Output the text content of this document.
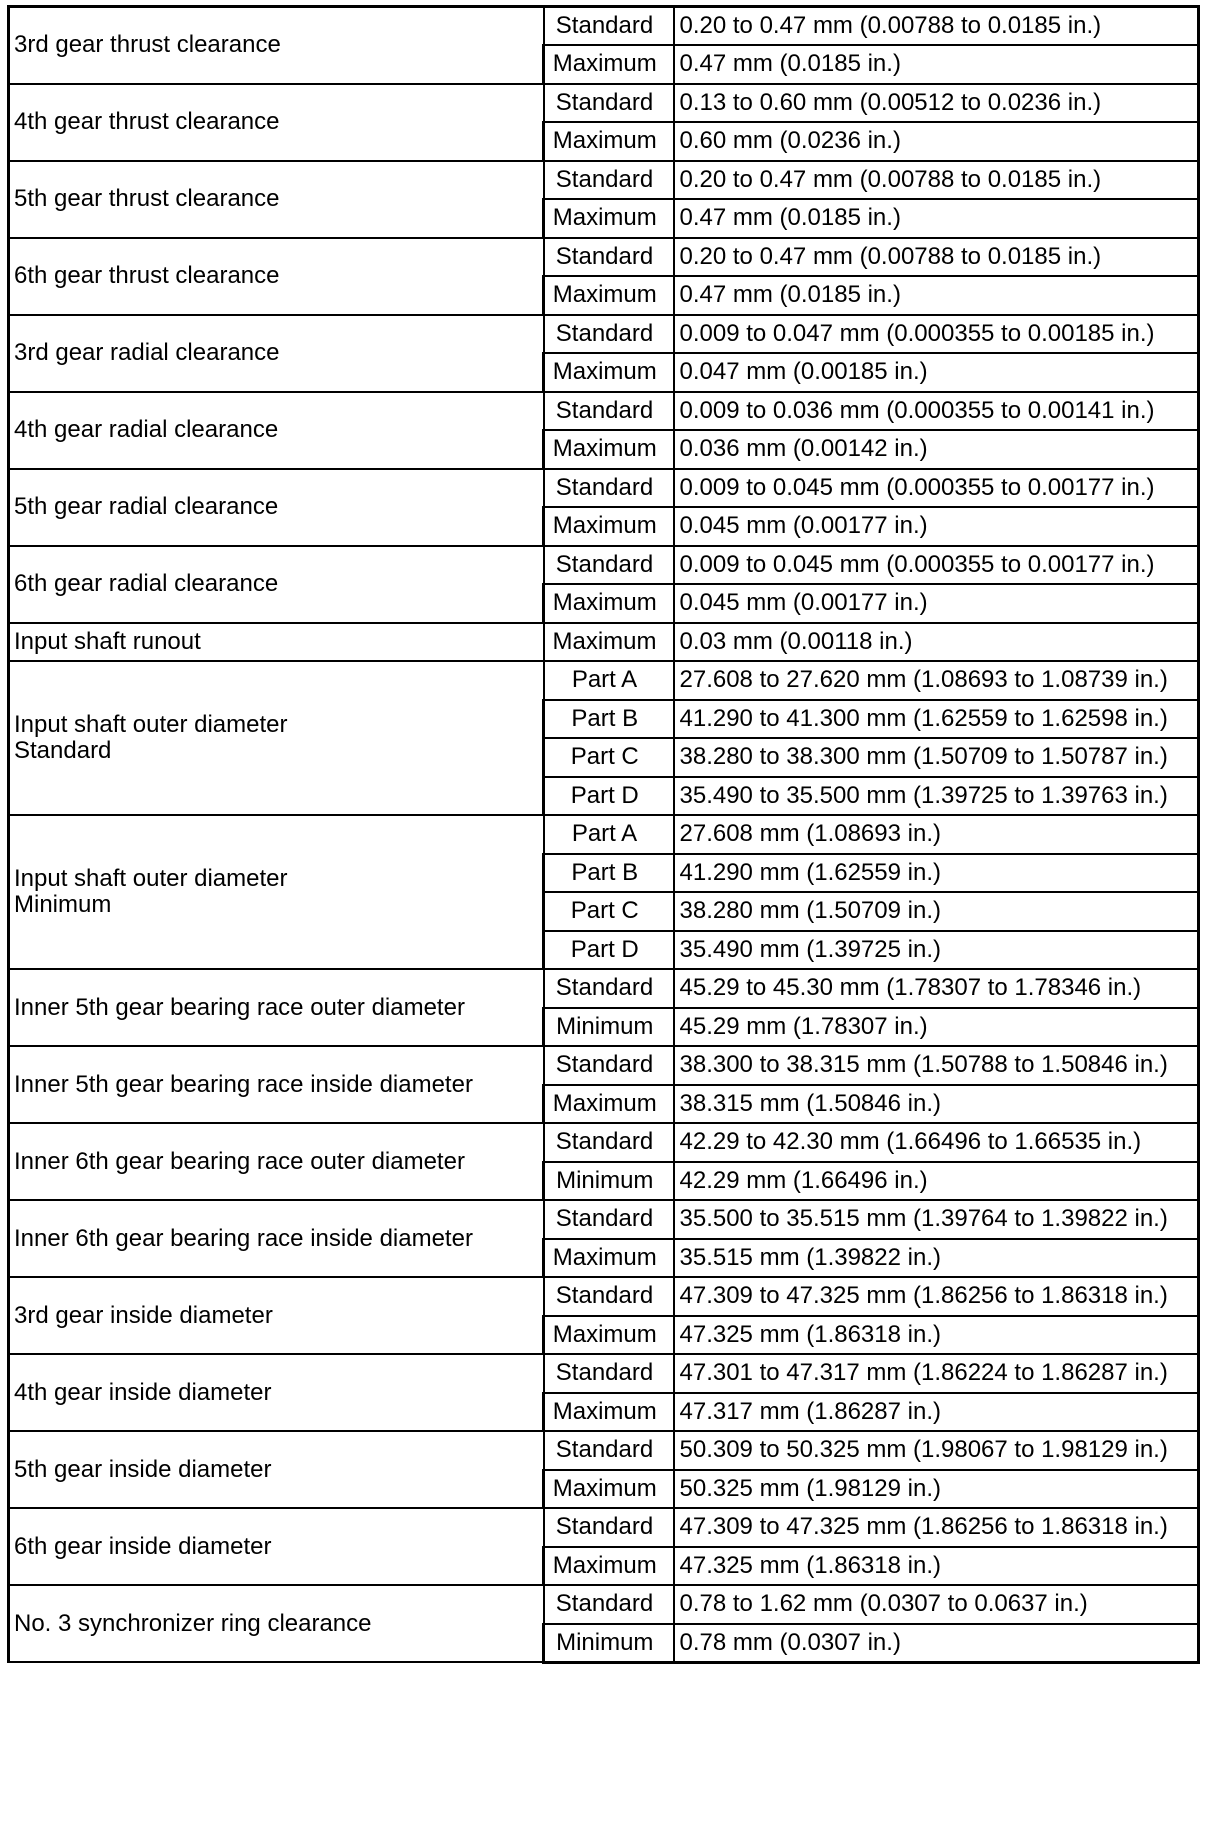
3rd gear thrust clearance	Standard	0.20 to 0.47 mm (0.00788 to 0.0185 in.)
	Maximum	0.47 mm (0.0185 in.)

4th gear thrust clearance	Standard	0.13 to 0.60 mm (0.00512 to 0.0236 in.)
	Maximum	0.60 mm (0.0236 in.)

5th gear thrust clearance	Standard	0.20 to 0.47 mm (0.00788 to 0.0185 in.)
	Maximum	0.47 mm (0.0185 in.)

6th gear thrust clearance	Standard	0.20 to 0.47 mm (0.00788 to 0.0185 in.)
	Maximum	0.47 mm (0.0185 in.)

3rd gear radial clearance	Standard	0.009 to 0.047 mm (0.000355 to 0.00185 in.)
	Maximum	0.047 mm (0.00185 in.)

4th gear radial clearance	Standard	0.009 to 0.036 mm (0.000355 to 0.00141 in.)
	Maximum	0.036 mm (0.00142 in.)

5th gear radial clearance	Standard	0.009 to 0.045 mm (0.000355 to 0.00177 in.)
	Maximum	0.045 mm (0.00177 in.)

6th gear radial clearance	Standard	0.009 to 0.045 mm (0.000355 to 0.00177 in.)
	Maximum	0.045 mm (0.00177 in.)

Input shaft runout	Maximum	0.03 mm (0.00118 in.)

Input shaft outer diameter
Standard	Part A	27.608 to 27.620 mm (1.08693 to 1.08739 in.)
	Part B	41.290 to 41.300 mm (1.62559 to 1.62598 in.)
	Part C	38.280 to 38.300 mm (1.50709 to 1.50787 in.)
	Part D	35.490 to 35.500 mm (1.39725 to 1.39763 in.)

Input shaft outer diameter
Minimum	Part A	27.608 mm (1.08693 in.)
	Part B	41.290 mm (1.62559 in.)
	Part C	38.280 mm (1.50709 in.)
	Part D	35.490 mm (1.39725 in.)

Inner 5th gear bearing race outer diameter	Standard	45.29 to 45.30 mm (1.78307 to 1.78346 in.)
	Minimum	45.29 mm (1.78307 in.)

Inner 5th gear bearing race inside diameter	Standard	38.300 to 38.315 mm (1.50788 to 1.50846 in.)
	Maximum	38.315 mm (1.50846 in.)

Inner 6th gear bearing race outer diameter	Standard	42.29 to 42.30 mm (1.66496 to 1.66535 in.)
	Minimum	42.29 mm (1.66496 in.)

Inner 6th gear bearing race inside diameter	Standard	35.500 to 35.515 mm (1.39764 to 1.39822 in.)
	Maximum	35.515 mm (1.39822 in.)

3rd gear inside diameter	Standard	47.309 to 47.325 mm (1.86256 to 1.86318 in.)
	Maximum	47.325 mm (1.86318 in.)

4th gear inside diameter	Standard	47.301 to 47.317 mm (1.86224 to 1.86287 in.)
	Maximum	47.317 mm (1.86287 in.)

5th gear inside diameter	Standard	50.309 to 50.325 mm (1.98067 to 1.98129 in.)
	Maximum	50.325 mm (1.98129 in.)

6th gear inside diameter	Standard	47.309 to 47.325 mm (1.86256 to 1.86318 in.)
	Maximum	47.325 mm (1.86318 in.)

No. 3 synchronizer ring clearance	Standard	0.78 to 1.62 mm (0.0307 to 0.0637 in.)
	Minimum	0.78 mm (0.0307 in.)
